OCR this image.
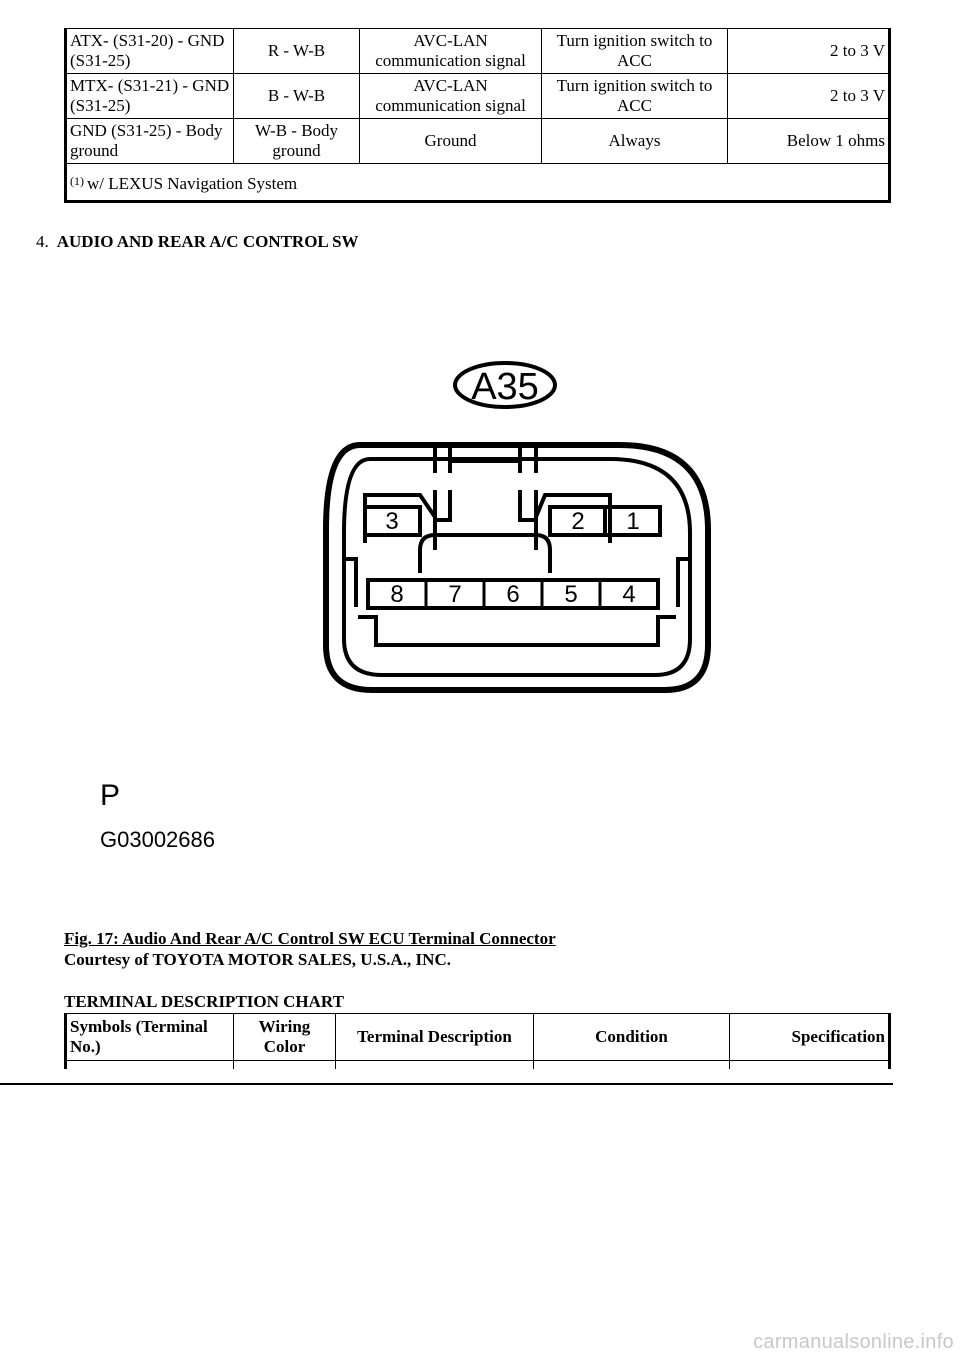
ATX- (S31-20) - GND (S31-25)	R - W-B	AVC-LAN communication signal	Turn ignition switch to ACC	2 to 3 V
MTX- (S31-21) - GND (S31-25)	B - W-B	AVC-LAN communication signal	Turn ignition switch to ACC	2 to 3 V
GND (S31-25) - Body ground	W-B - Body ground	Ground	Always	Below 1 ohms
$^{(1)}$ w/ LEXUS Navigation System				
4. AUDIO AND REAR A/C CONTROL SW
A35
3	2 1
8 7 6 5 4
P
G03002686
Fig. 17: Audio And Rear A/C Control SW ECU Terminal Connector
Courtesy of TOYOTA MOTOR SALES, U.S.A., INC.
TERMINAL DESCRIPTION CHART
Symbols (Terminal No.)	Wiring Color	Terminal Description	Condition	Specification

carmanualsonline.info
